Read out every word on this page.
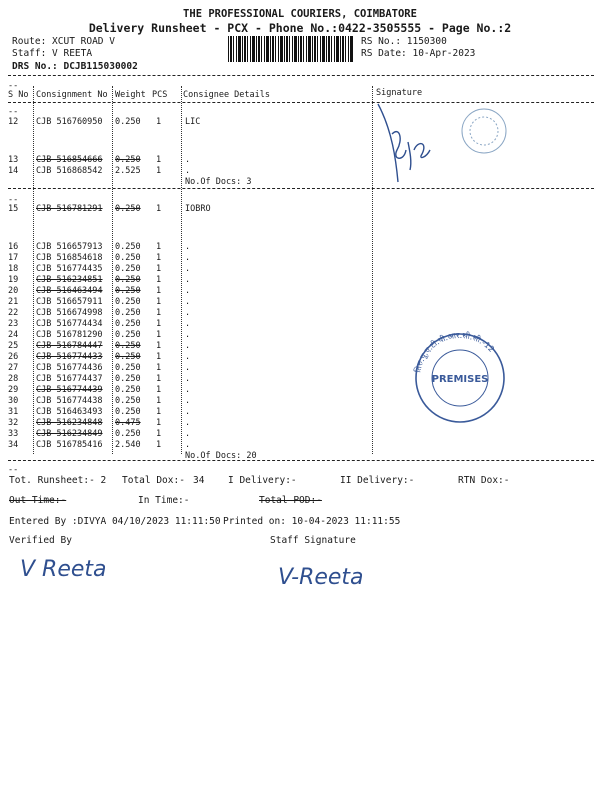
THE PROFESSIONAL COURIERS, COIMBATORE
Delivery Runsheet - PCX - Phone No.:0422-3505555 - Page No.:2
Route: XCUT ROAD V
Staff: V REETA
DRS No.: DCJB115030002
RS No.: 1150300
RS Date: 10-Apr-2023
--
S No Consignment No Weight PCS Consignee Details	Signature
--
12 CJB 516760950 0.250 1	LIC
13 CJB 516854666 0.250 1	.
14 CJB 516868542 2.525 1	.
No.Of Docs: 3
--
15 CJB 516781291 0.250 1	IOBRO
16 CJB 516657913 0.250 1	.
17 CJB 516854618 0.250 1	.
18 CJB 516774435 0.250 1	.
19 CJB 516234851 0.250 1	.
20 CJB 516463494 0.250 1	.
21 CJB 516657911 0.250 1	.
22 CJB 516674998 0.250 1	.
23 CJB 516774434 0.250 1	.
24 CJB 516781290 0.250 1	.
25 CJB 516784447 0.250 1	.
26 CJB 516774433 0.250 1	.
27 CJB 516774436 0.250 1	.
28 CJB 516774437 0.250 1	.
29 CJB 516774439 0.250 1	.
30 CJB 516774438 0.250 1	.
31 CJB 516463493 0.250 1	.
32 CJB 516234848 0.475 1	.
33 CJB 516234849 0.250 1	.
34 CJB 516785416 2.540 1	.
No.Of Docs: 20
--
Tot. Runsheet:- 2 Total Dox:- 34 I Delivery:-	II Delivery:-	RTN Dox:-
Out Time:-	In Time:-	Total POD:-
Entered By :DIVYA 04/10/2023 11:11:50 Printed on: 10-04-2023 11:11:55
Verified By	Staff Signature
तिरु.पू.ए.टी.पी.आर.सी.सी.-12
PREMISES
V Reeta	V-Reeta
